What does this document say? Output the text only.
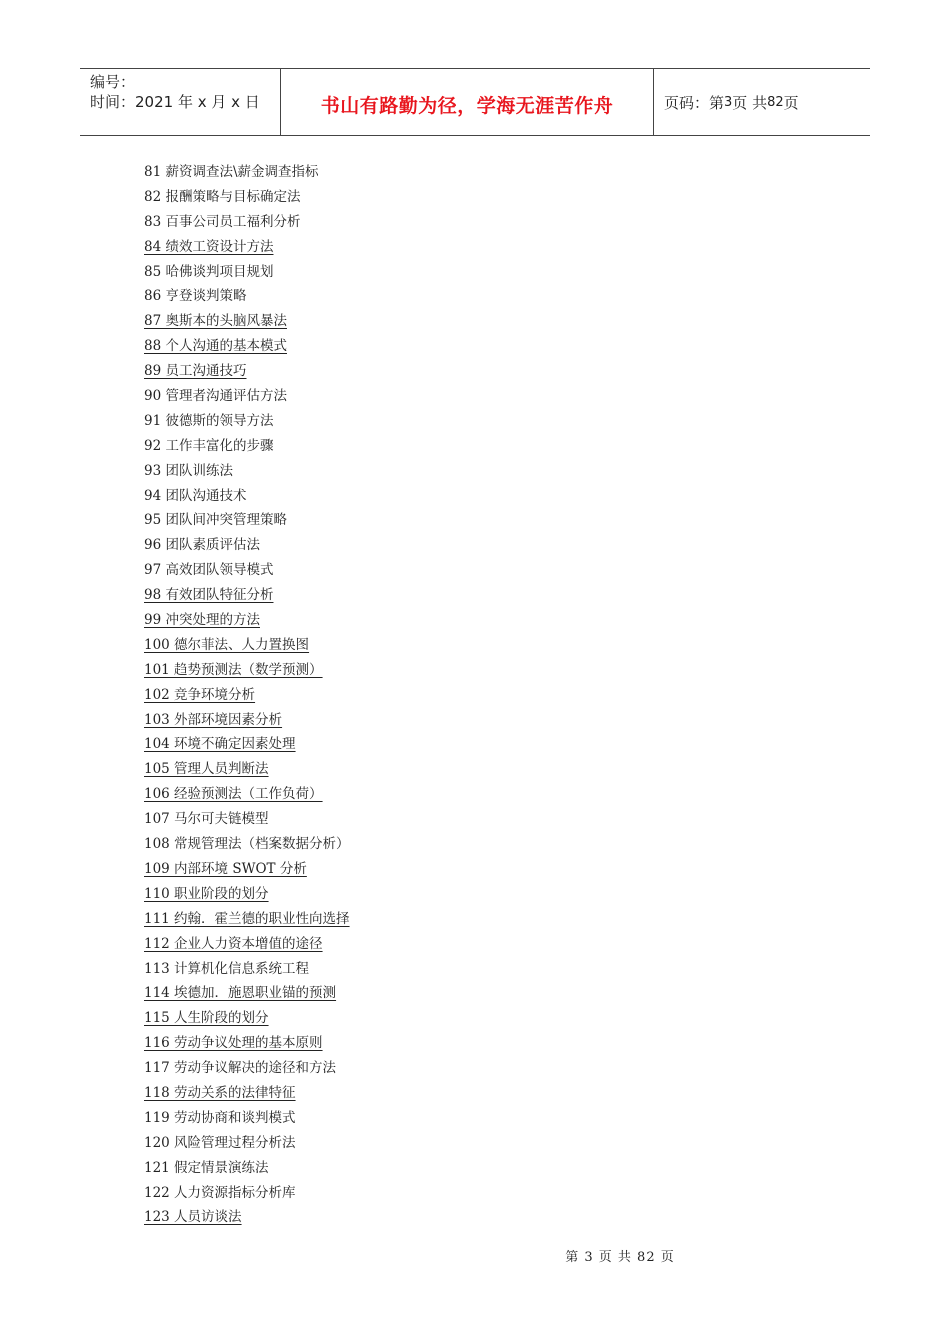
编号：
时间：2021 年 x 月 x 日	书山有路勤为径，学海无涯苦作舟	页码：第 3 页 共 82 页
81 薪资调查法\薪金调查指标
82 报酬策略与目标确定法
83 百事公司员工福利分析
84 绩效工资设计方法
85 哈佛谈判项目规划
86 亨登谈判策略
87 奥斯本的头脑风暴法
88 个人沟通的基本模式
89 员工沟通技巧
90 管理者沟通评估方法
91 彼德斯的领导方法
92 工作丰富化的步骤
93 团队训练法
94 团队沟通技术
95 团队间冲突管理策略
96 团队素质评估法
97 高效团队领导模式
98 有效团队特征分析
99 冲突处理的方法
100 德尔菲法、人力置换图
101 趋势预测法（数学预测）
102 竞争环境分析
103 外部环境因素分析
104 环境不确定因素处理
105 管理人员判断法
106 经验预测法（工作负荷）
107 马尔可夫链模型
108 常规管理法（档案数据分析）
109 内部环境 SWOT 分析
110 职业阶段的划分
111 约翰．霍兰德的职业性向选择
112 企业人力资本增值的途径
113 计算机化信息系统工程
114 埃德加．施恩职业锚的预测
115 人生阶段的划分
116 劳动争议处理的基本原则
117 劳动争议解决的途径和方法
118 劳动关系的法律特征
119 劳动协商和谈判模式
120 风险管理过程分析法
121 假定情景演练法
122 人力资源指标分析库
123 人员访谈法
第 3 页 共 82 页
